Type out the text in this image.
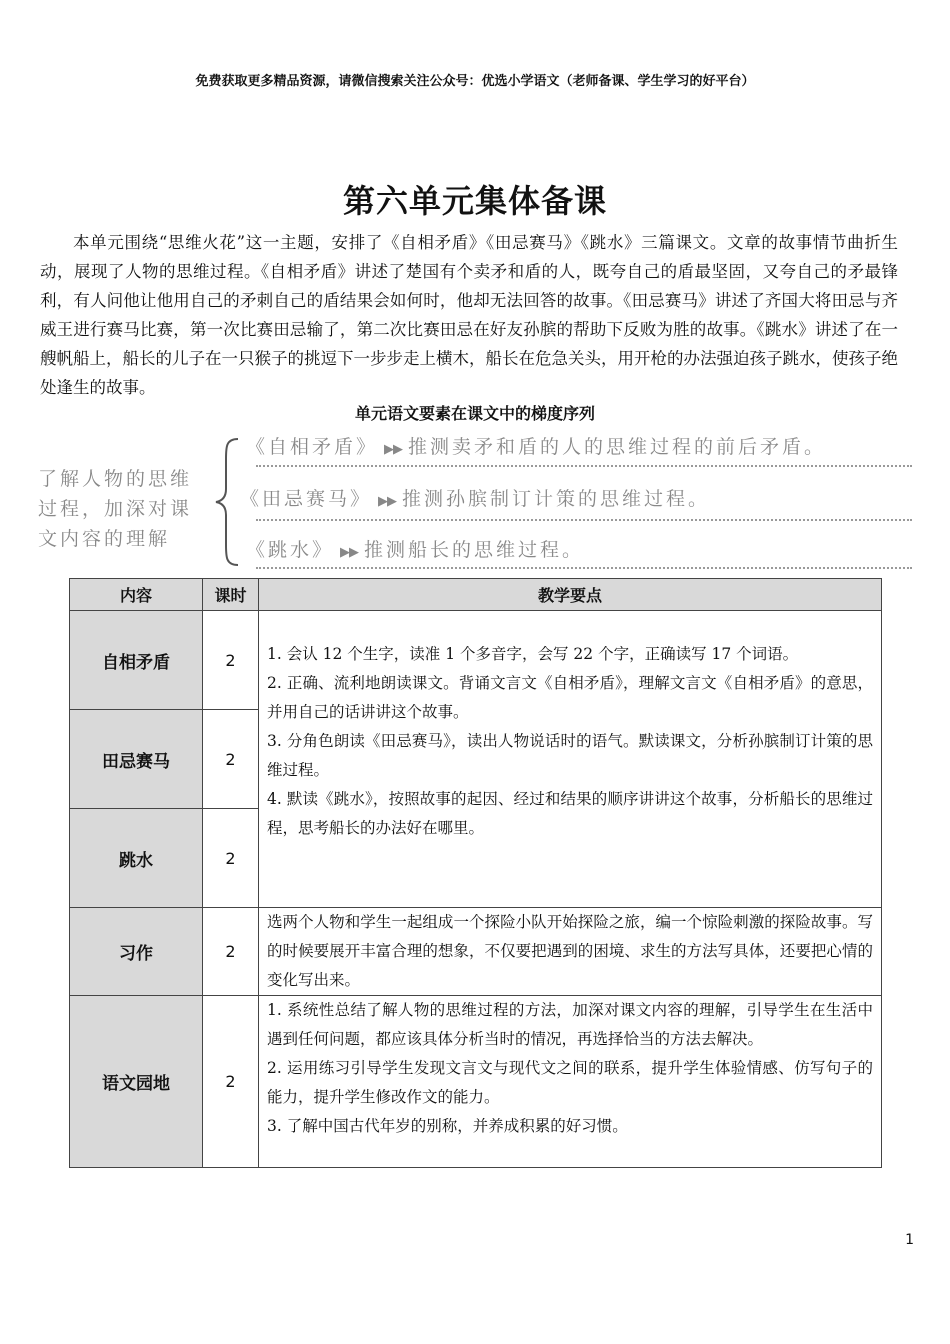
免费获取更多精品资源，请微信搜索关注公众号：优选小学语文（老师备课、学生学习的好平台）
第六单元集体备课
本单元围绕“思维火花”这一主题，安排了《自相矛盾》《田忌赛马》《跳水》三篇课文。文章的故事情节曲折生动，展现了人物的思维过程。《自相矛盾》讲述了楚国有个卖矛和盾的人，既夸自己的盾最坚固，又夸自己的矛最锋利，有人问他让他用自己的矛刺自己的盾结果会如何时，他却无法回答的故事。《田忌赛马》讲述了齐国大将田忌与齐威王进行赛马比赛，第一次比赛田忌输了，第二次比赛田忌在好友孙膑的帮助下反败为胜的故事。《跳水》讲述了在一艘帆船上，船长的儿子在一只猴子的挑逗下一步步走上横木，船长在危急关头，用开枪的办法强迫孩子跳水，使孩子绝处逢生的故事。
单元语文要素在课文中的梯度序列
了解人物的思维过程，加深对课文内容的理解
《自相矛盾》 ▶▶ 推测卖矛和盾的人的思维过程的前后矛盾。
《田忌赛马》 ▶▶ 推测孙膑制订计策的思维过程。
《跳水》 ▶▶ 推测船长的思维过程。
内容	课时	教学要点
自相矛盾	2	1. 会认 12 个生字，读准 1 个多音字，会写 22 个字，正确读写 17 个词语。
2. 正确、流利地朗读课文。背诵文言文《自相矛盾》，理解文言文《自相矛盾》的意思，并用自己的话讲讲这个故事。
3. 分角色朗读《田忌赛马》，读出人物说话时的语气。默读课文，分析孙膑制订计策的思维过程。
4. 默读《跳水》，按照故事的起因、经过和结果的顺序讲讲这个故事，分析船长的思维过程，思考船长的办法好在哪里。

田忌赛马	2	
跳水	2	
习作	2	选两个人物和学生一起组成一个探险小队开始探险之旅，编一个惊险刺激的探险故事。写的时候要展开丰富合理的想象，不仅要把遇到的困境、求生的方法写具体，还要把心情的变化写出来。
语文园地	2	1. 系统性总结了解人物的思维过程的方法，加深对课文内容的理解，引导学生在生活中遇到任何问题，都应该具体分析当时的情况，再选择恰当的方法去解决。
2. 运用练习引导学生发现文言文与现代文之间的联系，提升学生体验情感、仿写句子的能力，提升学生修改作文的能力。
3. 了解中国古代年岁的别称，并养成积累的好习惯。
1
